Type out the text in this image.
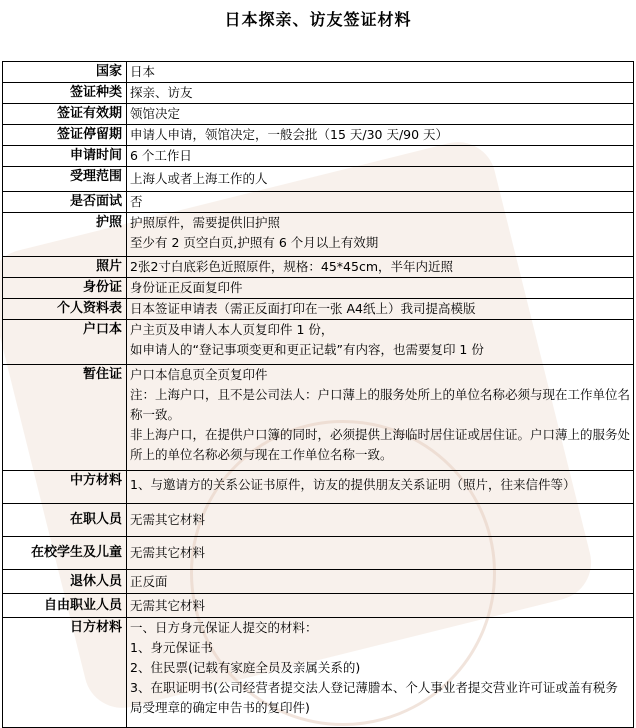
日本探亲、访友签证材料
国家	日本
签证种类	探亲、访友
签证有效期	领馆决定
签证停留期	申请人申请，领馆决定，一般会批（15 天/30 天/90 天）
申请时间	6 个工作日
受理范围	上海人或者上海工作的人
是否面试	否
护照	护照原件，需要提供旧护照
至少有 2 页空白页,护照有 6 个月以上有效期

照片	2张2寸白底彩色近照原件，规格：45*45cm，半年内近照
身份证	身份证正反面复印件
个人资料表	日本签证申请表（需正反面打印在一张 A4纸上）我司提高模版
户口本	户主页及申请人本人页复印件 1 份，
如申请人的“登记事项变更和更正记载”有内容，也需要复印 1 份

暂住证	户口本信息页全页复印件
注：上海户口，且不是公司法人：户口薄上的服务处所上的单位名称必须与现在工作单位名称一致。
非上海户口，在提供户口簿的同时，必须提供上海临时居住证或居住证。户口薄上的服务处所上的单位名称必须与现在工作单位名称一致。

中方材料	1、与邀请方的关系公证书原件，访友的提供朋友关系证明（照片，往来信件等）
在职人员	无需其它材料
在校学生及儿童	无需其它材料
退休人员	正反面
自由职业人员	无需其它材料
日方材料	一、日方身元保证人提交的材料：
1、身元保证书
2、住民票(记载有家庭全员及亲属关系的)
3、在职证明书(公司经营者提交法人登记薄謄本、个人事业者提交营业许可证或盖有税务局受理章的确定申告书的复印件)
